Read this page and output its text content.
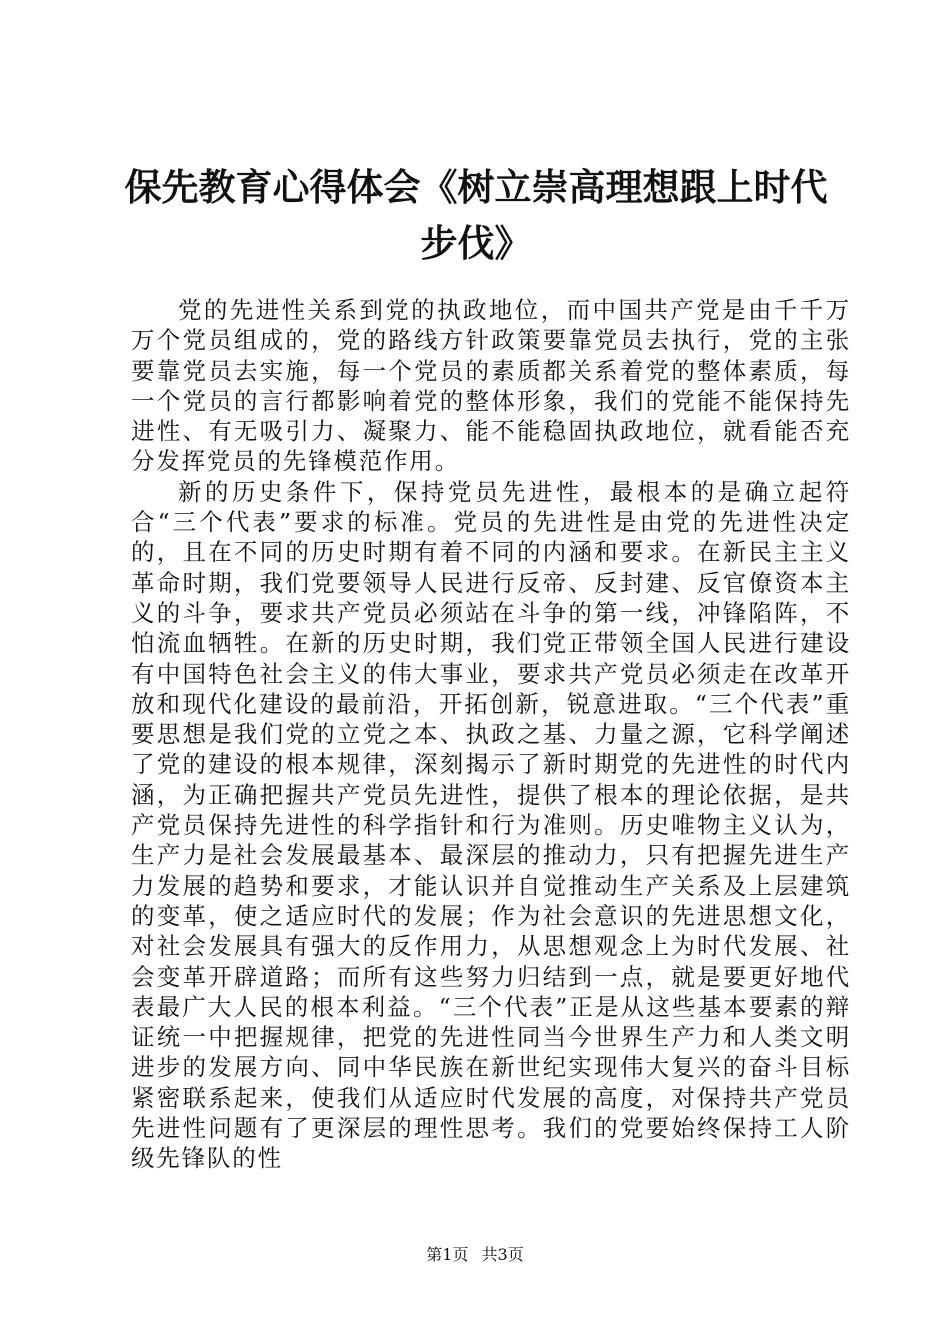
保先教育心得体会《树立崇高理想跟上时代步伐》

党的先进性关系到党的执政地位，而中国共产党是由千千万万个党员组成的，党的路线方针政策要靠党员去执行，党的主张要靠党员去实施，每一个党员的素质都关系着党的整体素质，每一个党员的言行都影响着党的整体形象，我们的党能不能保持先进性、有无吸引力、凝聚力、能不能稳固执政地位，就看能否充分发挥党员的先锋模范作用。

新的历史条件下，保持党员先进性，最根本的是确立起符合“三个代表”要求的标准。党员的先进性是由党的先进性决定的，且在不同的历史时期有着不同的内涵和要求。在新民主主义革命时期，我们党要领导人民进行反帝、反封建、反官僚资本主义的斗争，要求共产党员必须站在斗争的第一线，冲锋陷阵，不怕流血牺牲。在新的历史时期，我们党正带领全国人民进行建设有中国特色社会主义的伟大事业，要求共产党员必须走在改革开放和现代化建设的最前沿，开拓创新，锐意进取。“三个代表”重要思想是我们党的立党之本、执政之基、力量之源，它科学阐述了党的建设的根本规律，深刻揭示了新时期党的先进性的时代内涵，为正确把握共产党员先进性，提供了根本的理论依据，是共产党员保持先进性的科学指针和行为准则。历史唯物主义认为，生产力是社会发展最基本、最深层的推动力，只有把握先进生产力发展的趋势和要求，才能认识并自觉推动生产关系及上层建筑的变革，使之适应时代的发展；作为社会意识的先进思想文化，对社会发展具有强大的反作用力，从思想观念上为时代发展、社会变革开辟道路；而所有这些努力归结到一点，就是要更好地代表最广大人民的根本利益。“三个代表”正是从这些基本要素的辩证统一中把握规律，把党的先进性同当今世界生产力和人类文明进步的发展方向、同中华民族在新世纪实现伟大复兴的奋斗目标紧密联系起来，使我们从适应时代发展的高度，对保持共产党员先进性问题有了更深层的理性思考。我们的党要始终保持工人阶级先锋队的性

第1页 共3页
